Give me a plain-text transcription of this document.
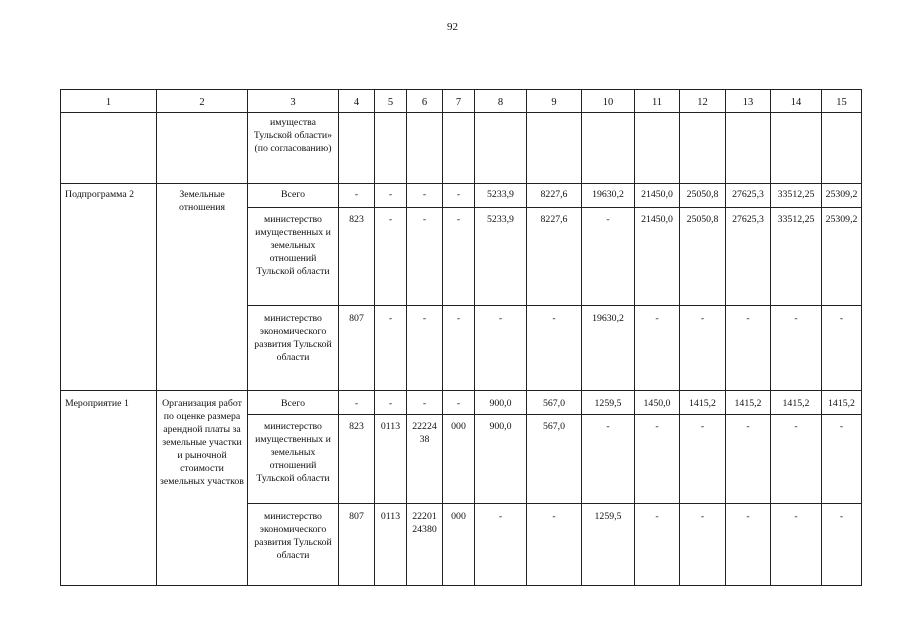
92
1	2	3	4	5	6	7	8	9	10	11	12	13	14	15
		имущества Тульской области» (по согласованию)												
Подпрограмма 2	Земельные отношения	Всего	-	-	-	-	5233,9	8227,6	19630,2	21450,0	25050,8	27625,3	33512,25	25309,2
		министерство имущественных и земельных отношений Тульской области	823	-	-	-	5233,9	8227,6	-	21450,0	25050,8	27625,3	33512,25	25309,2
		министерство экономического развития Тульской области	807	-	-	-	-	-	19630,2	-	-	-	-	-
Мероприятие 1	Организация работ по оценке размера арендной платы за земельные участки и рыночной стоимости земельных участков	Всего	-	-	-	-	900,0	567,0	1259,5	1450,0	1415,2	1415,2	1415,2	1415,2
		министерство имущественных и земельных отношений Тульской области	823	0113	22224 38	000	900,0	567,0	-	-	-	-	-	-
		министерство экономического развития Тульской области	807	0113	22201 24380	000	-	-	1259,5	-	-	-	-	-
